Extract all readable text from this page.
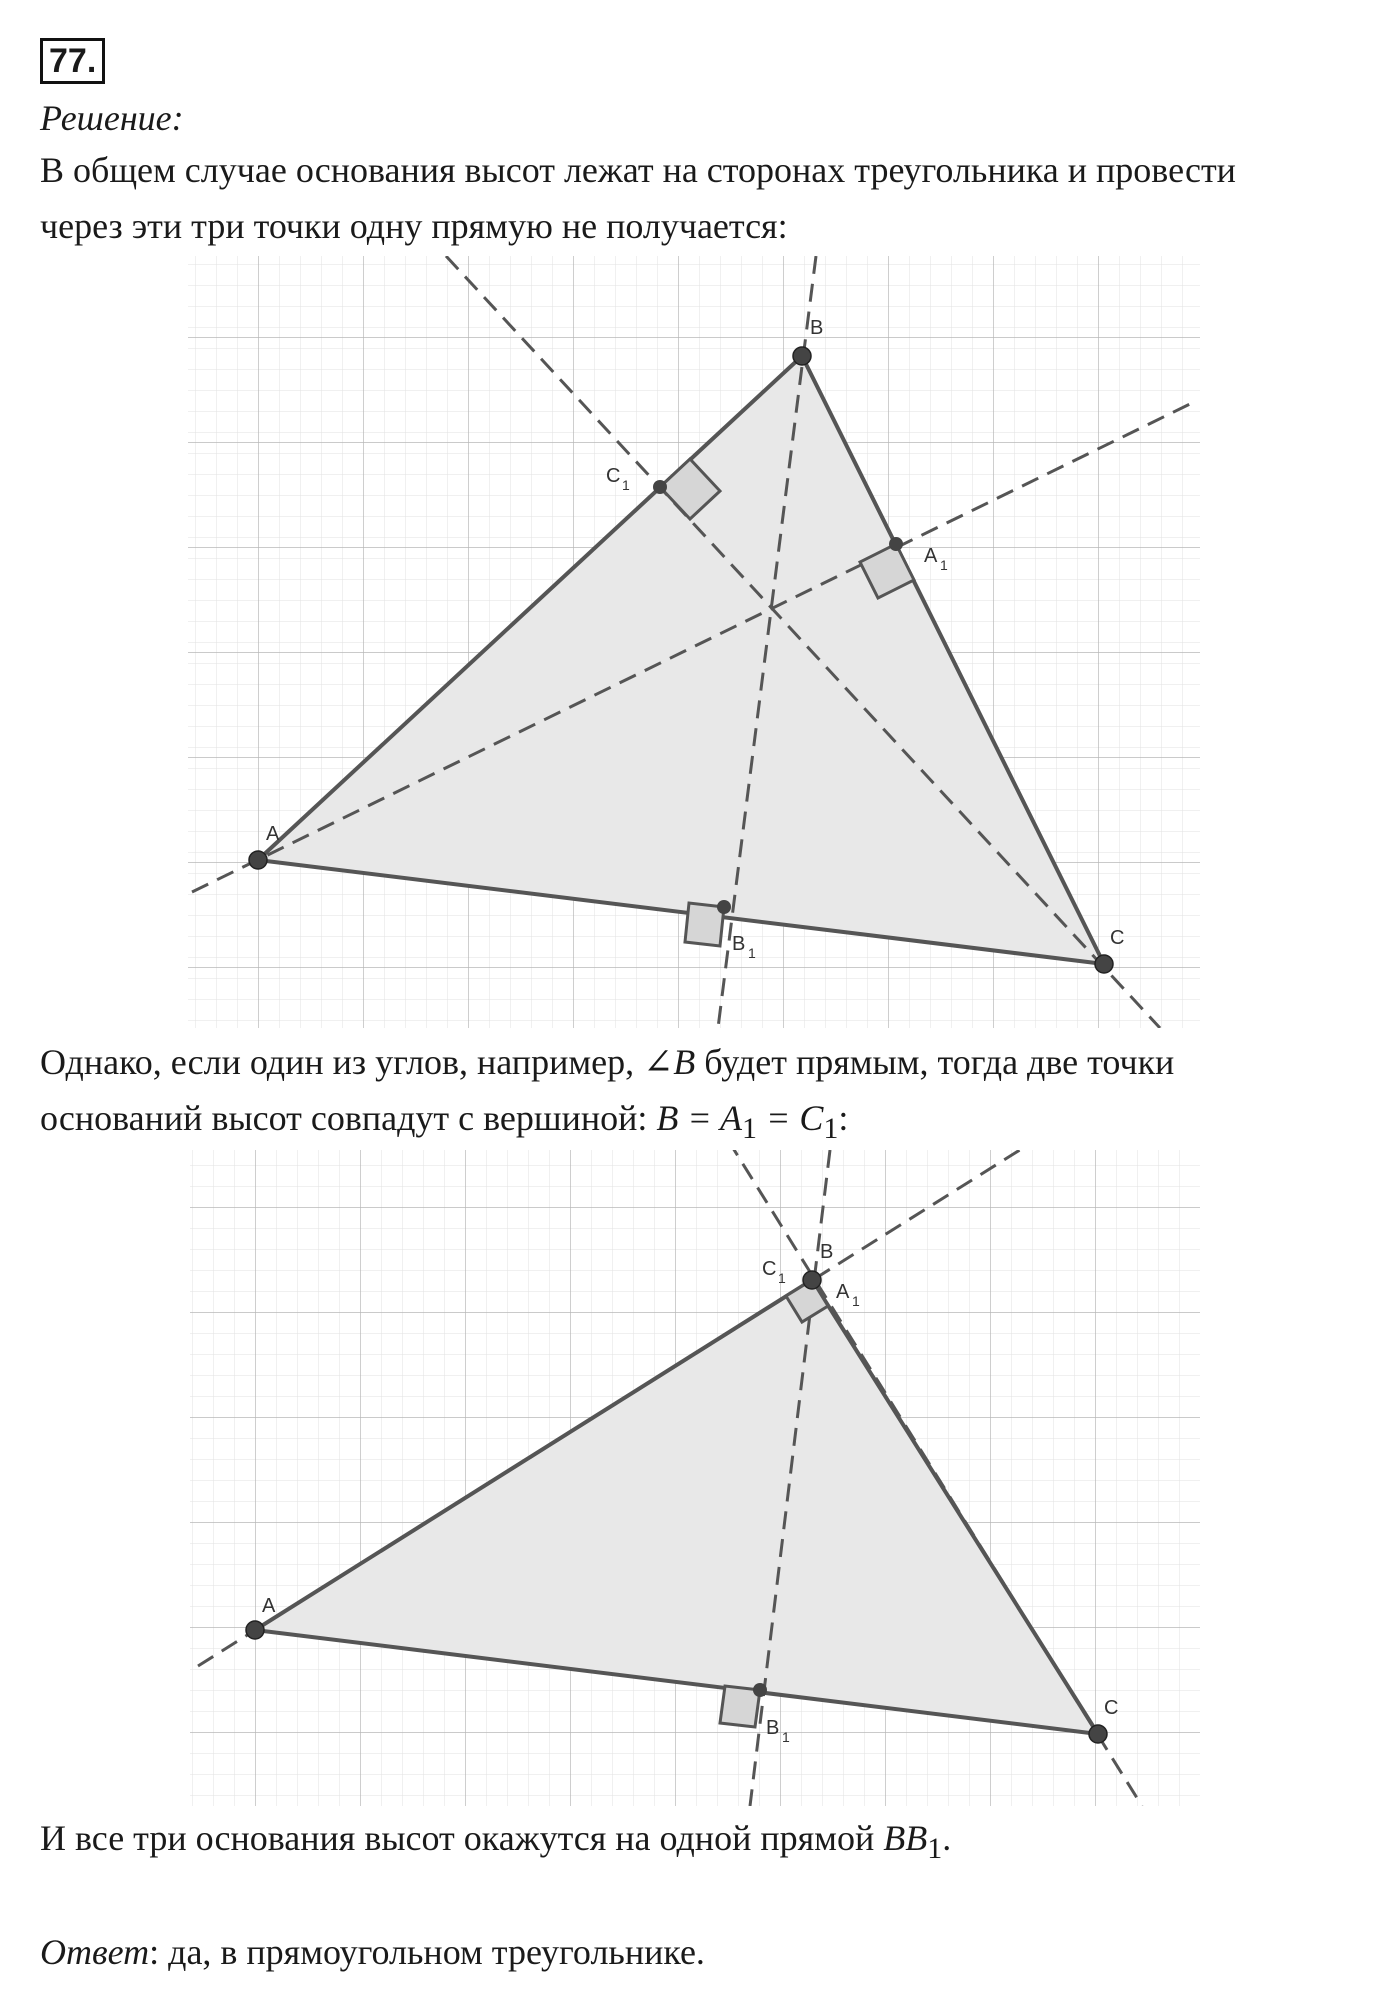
77.
Решение:
В общем случае основания высот лежат на сторонах треугольника и провести
через эти три точки одну прямую не получается:
A
B
C
C 1
A 1
B 1
Однако, если один из углов, например, ∠B будет прямым, тогда две точки
оснований высот совпадут с вершиной: $B = A_1 = C_1$:
A
B
C
C 1
A 1
B 1
И все три основания высот окажутся на одной прямой $BB_1$.
Ответ: да, в прямоугольном треугольнике.
